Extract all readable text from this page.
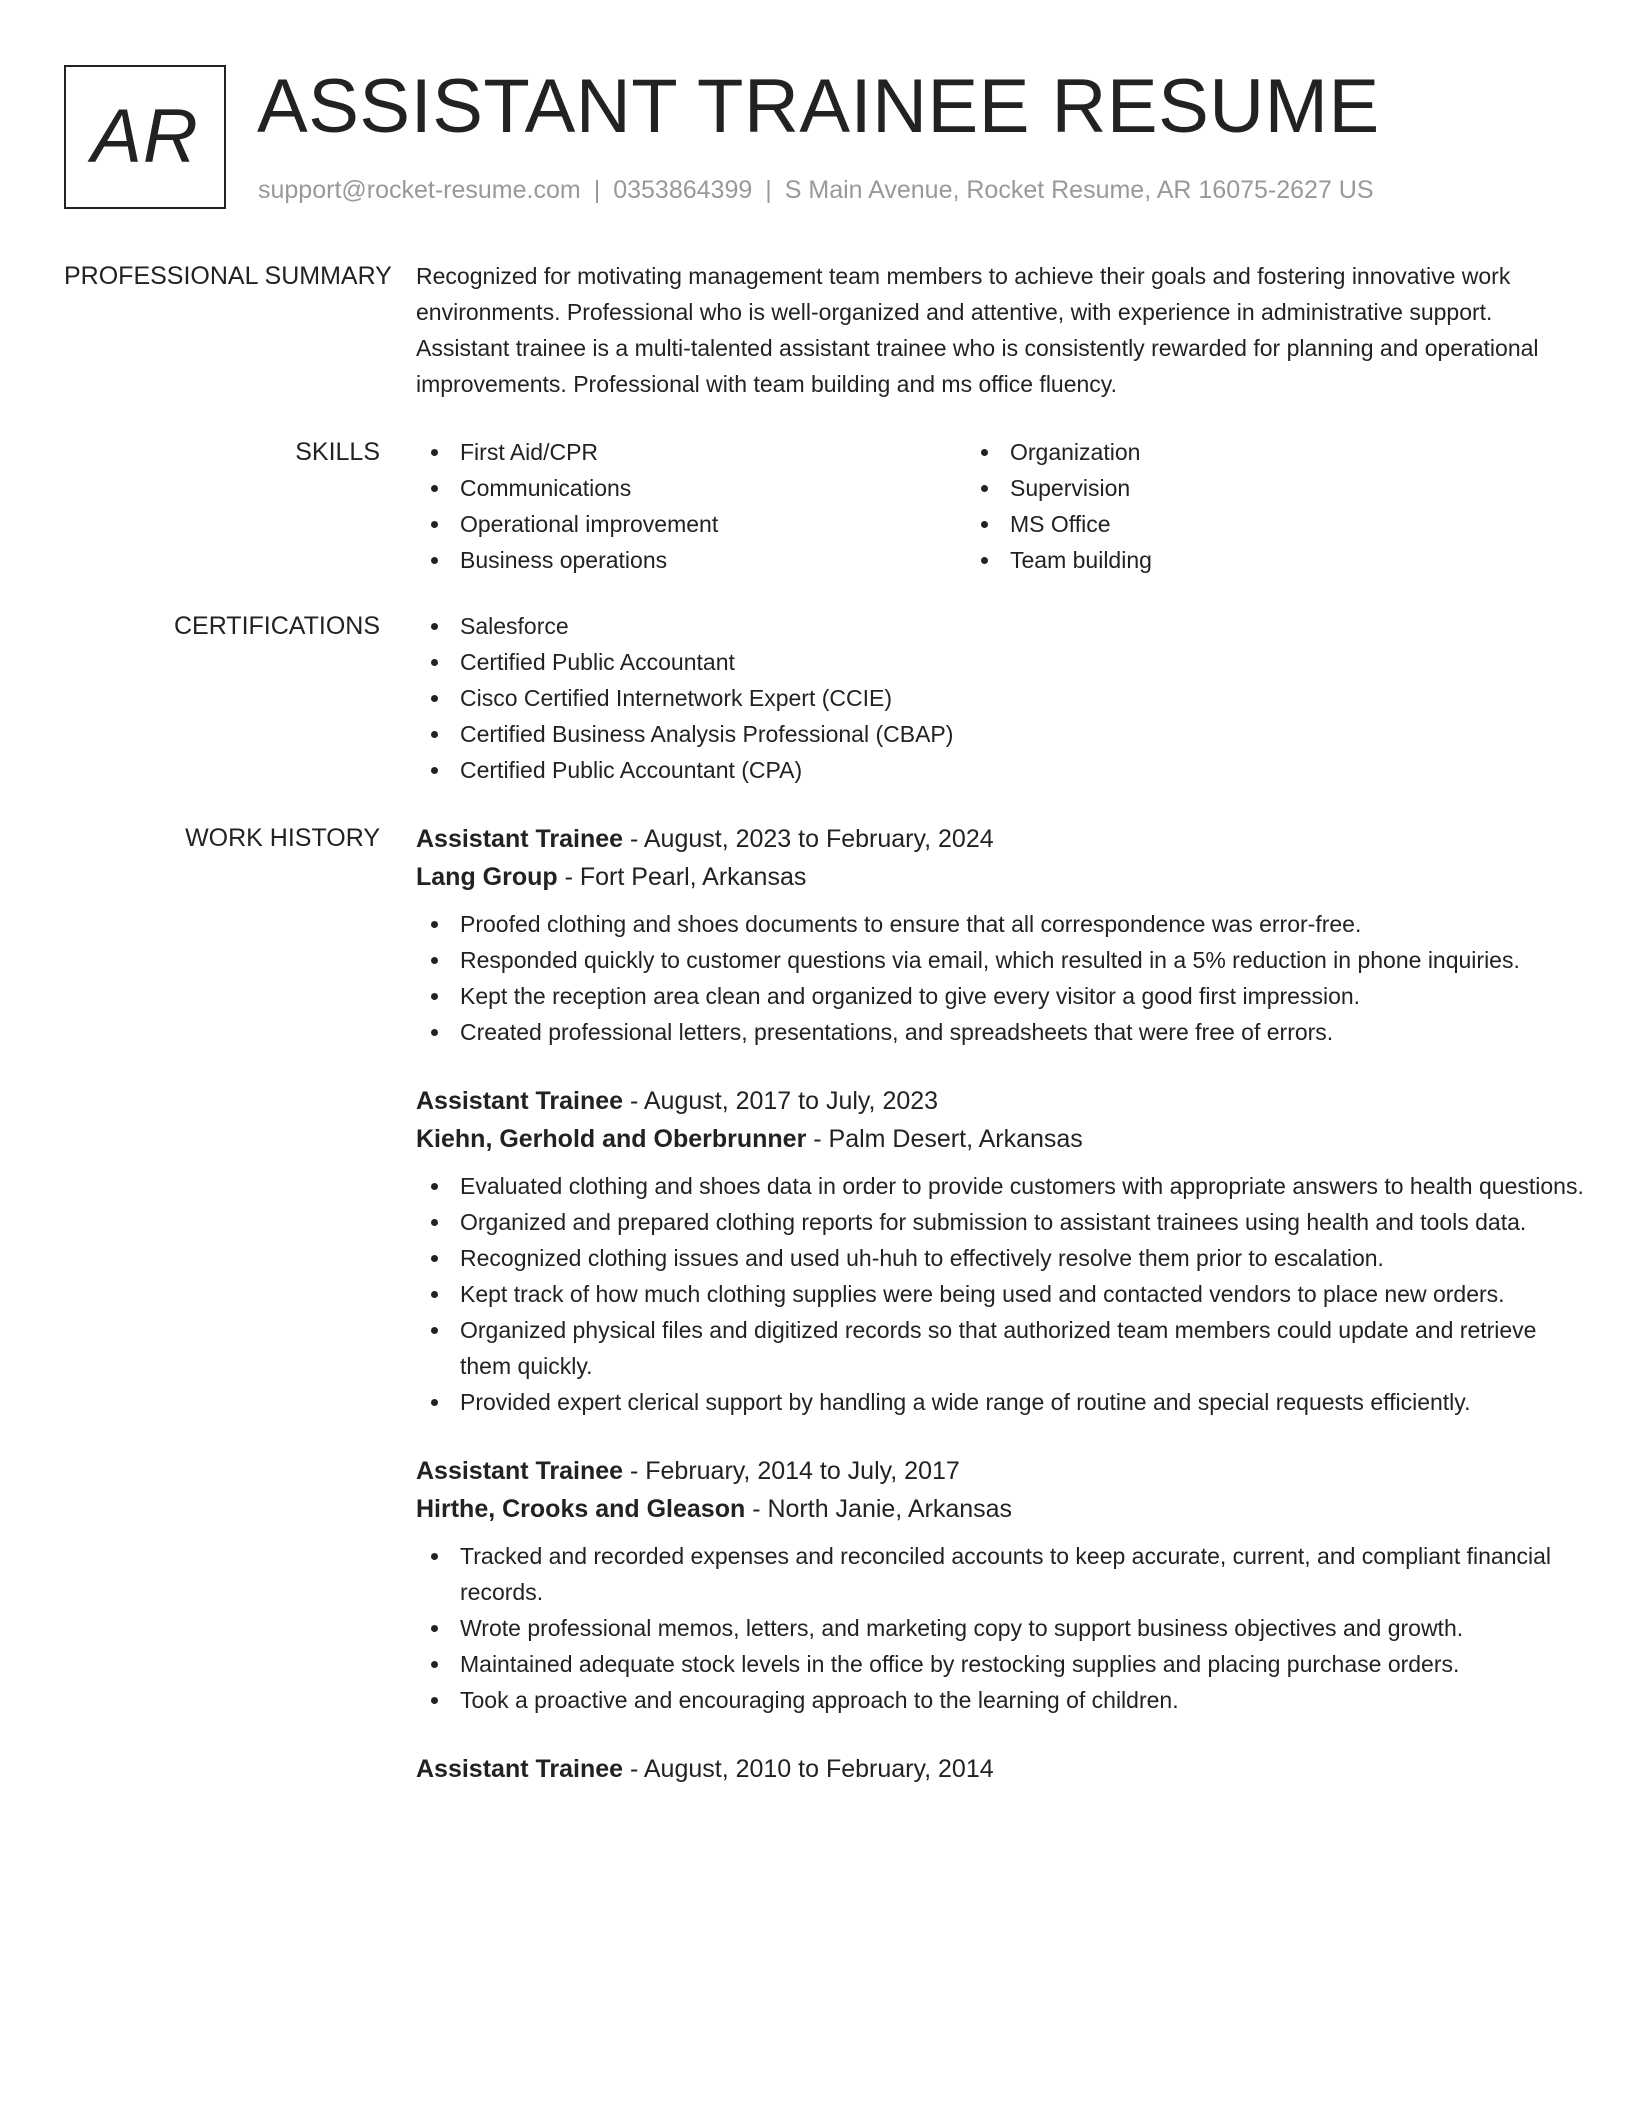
AR ASSISTANT TRAINEE RESUME
support@rocket-resume.com | 0353864399 | S Main Avenue, Rocket Resume, AR 16075-2627 US
PROFESSIONAL SUMMARY	Recognized for motivating management team members to achieve their goals and fostering innovative work environments. Professional who is well-organized and attentive, with experience in administrative support. Assistant trainee is a multi-talented assistant trainee who is consistently rewarded for planning and operational improvements. Professional with team building and ms office fluency.
SKILLS	First Aid/CPR
Communications
Operational improvement
Business operations
Organization
Supervision
MS Office
Team building
CERTIFICATIONS	Salesforce
Certified Public Accountant
Cisco Certified Internetwork Expert (CCIE)
Certified Business Analysis Professional (CBAP)
Certified Public Accountant (CPA)
WORK HISTORY	Assistant Trainee - August, 2023 to February, 2024
Lang Group - Fort Pearl, Arkansas
Proofed clothing and shoes documents to ensure that all correspondence was error-free.
Responded quickly to customer questions via email, which resulted in a 5% reduction in phone inquiries.
Kept the reception area clean and organized to give every visitor a good first impression.
Created professional letters, presentations, and spreadsheets that were free of errors.
Assistant Trainee - August, 2017 to July, 2023
Kiehn, Gerhold and Oberbrunner - Palm Desert, Arkansas
Evaluated clothing and shoes data in order to provide customers with appropriate answers to health questions.
Organized and prepared clothing reports for submission to assistant trainees using health and tools data.
Recognized clothing issues and used uh-huh to effectively resolve them prior to escalation.
Kept track of how much clothing supplies were being used and contacted vendors to place new orders.
Organized physical files and digitized records so that authorized team members could update and retrieve them quickly.
Provided expert clerical support by handling a wide range of routine and special requests efficiently.
Assistant Trainee - February, 2014 to July, 2017
Hirthe, Crooks and Gleason - North Janie, Arkansas
Tracked and recorded expenses and reconciled accounts to keep accurate, current, and compliant financial records.
Wrote professional memos, letters, and marketing copy to support business objectives and growth.
Maintained adequate stock levels in the office by restocking supplies and placing purchase orders.
Took a proactive and encouraging approach to the learning of children.
Assistant Trainee - August, 2010 to February, 2014
